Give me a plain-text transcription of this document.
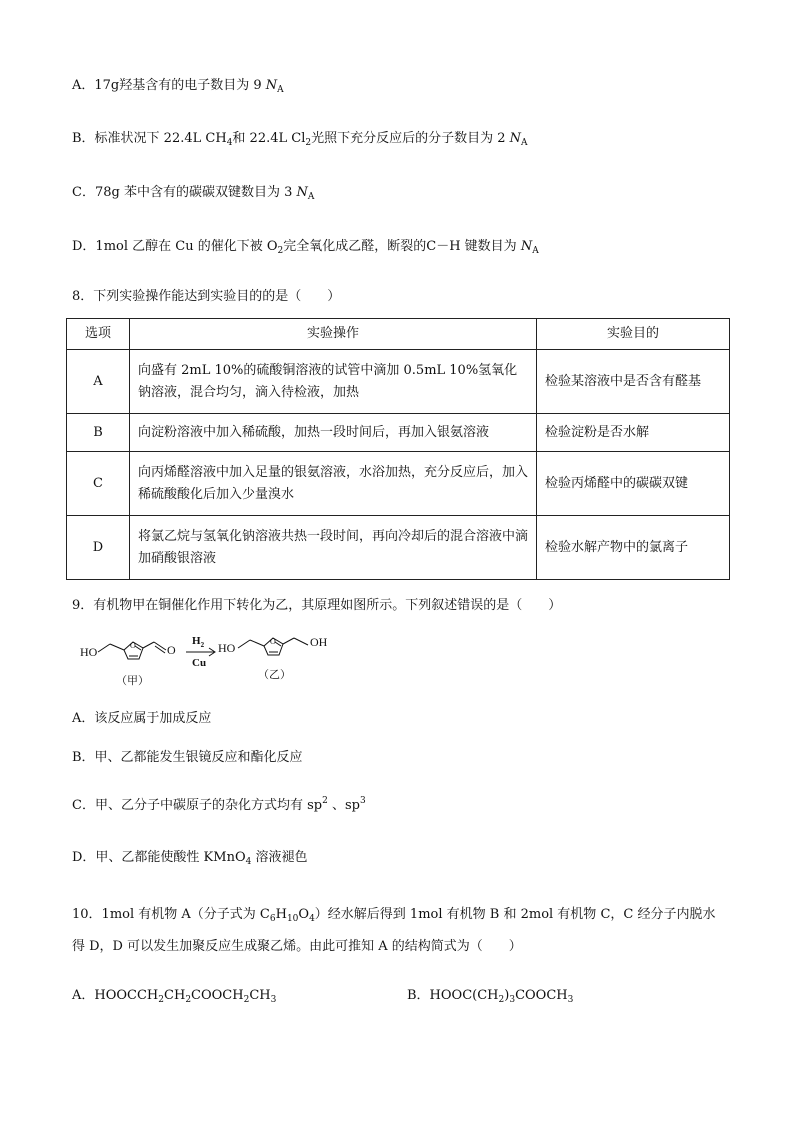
A．17g羟基含有的电子数目为 9 $N_A$
B．标准状况下 22.4L $CH_4$和 22.4L $Cl_2$光照下充分反应后的分子数目为 2 $N_A$
C．78g 苯中含有的碳碳双键数目为 3 $N_A$
D．1mol 乙醇在 Cu 的催化下被 $O_2$完全氧化成乙醛，断裂的C－H 键数目为 $N_A$
8．下列实验操作能达到实验目的的是（　　）
选项	实验操作	实验目的
A	向盛有 2mL 10%的硫酸铜溶液的试管中滴加 0.5mL 10%氢氧化钠溶液，混合均匀，滴入待检液，加热	检验某溶液中是否含有醛基
B	向淀粉溶液中加入稀硫酸，加热一段时间后，再加入银氨溶液	检验淀粉是否水解
C	向丙烯醛溶液中加入足量的银氨溶液，水浴加热，充分反应后，加入稀硫酸酸化后加入少量溴水	检验丙烯醛中的碳碳双键
D	将氯乙烷与氢氧化钠溶液共热一段时间，再向冷却后的混合溶液中滴加硝酸银溶液	检验水解产物中的氯离子
9．有机物甲在铜催化作用下转化为乙，其原理如图所示。下列叙述错误的是（　　）
HO	O	O
$H_2$
Cu
HO	O	OH
（甲）	（乙）
A．该反应属于加成反应
B．甲、乙都能发生银镜反应和酯化反应
C．甲、乙分子中碳原子的杂化方式均有 $sp^2$ 、$sp^3$
D．甲、乙都能使酸性 KMnO$_4$ 溶液褪色
10．1mol 有机物 A（分子式为 $C_6H_{10}O_4$）经水解后得到 1mol 有机物 B 和 2mol 有机物 C，C 经分子内脱水
得 D，D 可以发生加聚反应生成聚乙烯。由此可推知 A 的结构简式为（　　）
A．$HOOCCH_2CH_2COOCH_2CH_3$	B．$HOOC(CH_2)_3COOCH_3$
